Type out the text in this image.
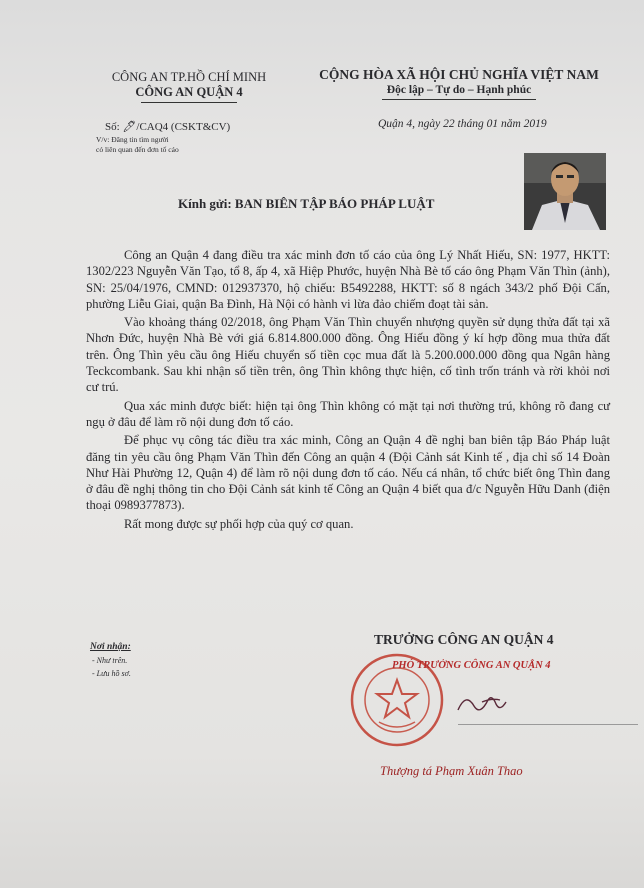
CÔNG AN TP.HỒ CHÍ MINH
CÔNG AN QUẬN 4
CỘNG HÒA XÃ HỘI CHỦ NGHĨA VIỆT NAM
Độc lập – Tự do – Hạnh phúc
Số: 🖊/CAQ4 (CSKT&CV)
V/v: Đăng tin tìm người
có liên quan đến đơn tố cáo
Quận 4, ngày 22 tháng 01 năm 2019
Kính gửi: BAN BIÊN TẬP BÁO PHÁP LUẬT

Công an Quận 4 đang điều tra xác minh đơn tố cáo của ông Lý Nhất Hiếu, SN: 1977, HKTT: 1302/223 Nguyễn Văn Tạo, tổ 8, ấp 4, xã Hiệp Phước, huyện Nhà Bè tố cáo ông Phạm Văn Thìn (ảnh), SN: 25/04/1976, CMND: 012937370, hộ chiếu: B5492288, HKTT: số 8 ngách 343/2 phố Đội Cấn, phường Liễu Giai, quận Ba Đình, Hà Nội có hành vi lừa đảo chiếm đoạt tài sản.

Vào khoảng tháng 02/2018, ông Phạm Văn Thìn chuyển nhượng quyền sử dụng thửa đất tại xã Nhơn Đức, huyện Nhà Bè với giá 6.814.800.000 đồng. Ông Hiếu đồng ý kí hợp đồng mua thửa đất trên. Ông Thìn yêu cầu ông Hiếu chuyển số tiền cọc mua đất là 5.200.000.000 đồng qua Ngân hàng Teckcombank. Sau khi nhận số tiền trên, ông Thìn không thực hiện, cố tình trốn tránh và rời khỏi nơi cư trú.

Qua xác minh được biết: hiện tại ông Thìn không có mặt tại nơi thường trú, không rõ đang cư ngụ ở đâu để làm rõ nội dung đơn tố cáo.

Để phục vụ công tác điều tra xác minh, Công an Quận 4 đề nghị ban biên tập Báo Pháp luật đăng tin yêu cầu ông Phạm Văn Thìn đến Công an quận 4 (Đội Cảnh sát Kinh tế , địa chỉ số 14 Đoàn Như Hài Phường 12, Quận 4) để làm rõ nội dung đơn tố cáo. Nếu cá nhân, tổ chức biết ông Thìn đang ở đâu đề nghị thông tin cho Đội Cảnh sát kinh tế Công an Quận 4 biết qua đ/c Nguyễn Hữu Danh (điện thoại 0989377873).

Rất mong được sự phối hợp của quý cơ quan.

Nơi nhận:
- Như trên.
- Lưu hồ sơ.
TRƯỞNG CÔNG AN QUẬN 4
PHÓ TRƯỞNG CÔNG AN QUẬN 4
Thượng tá Phạm Xuân Thao
